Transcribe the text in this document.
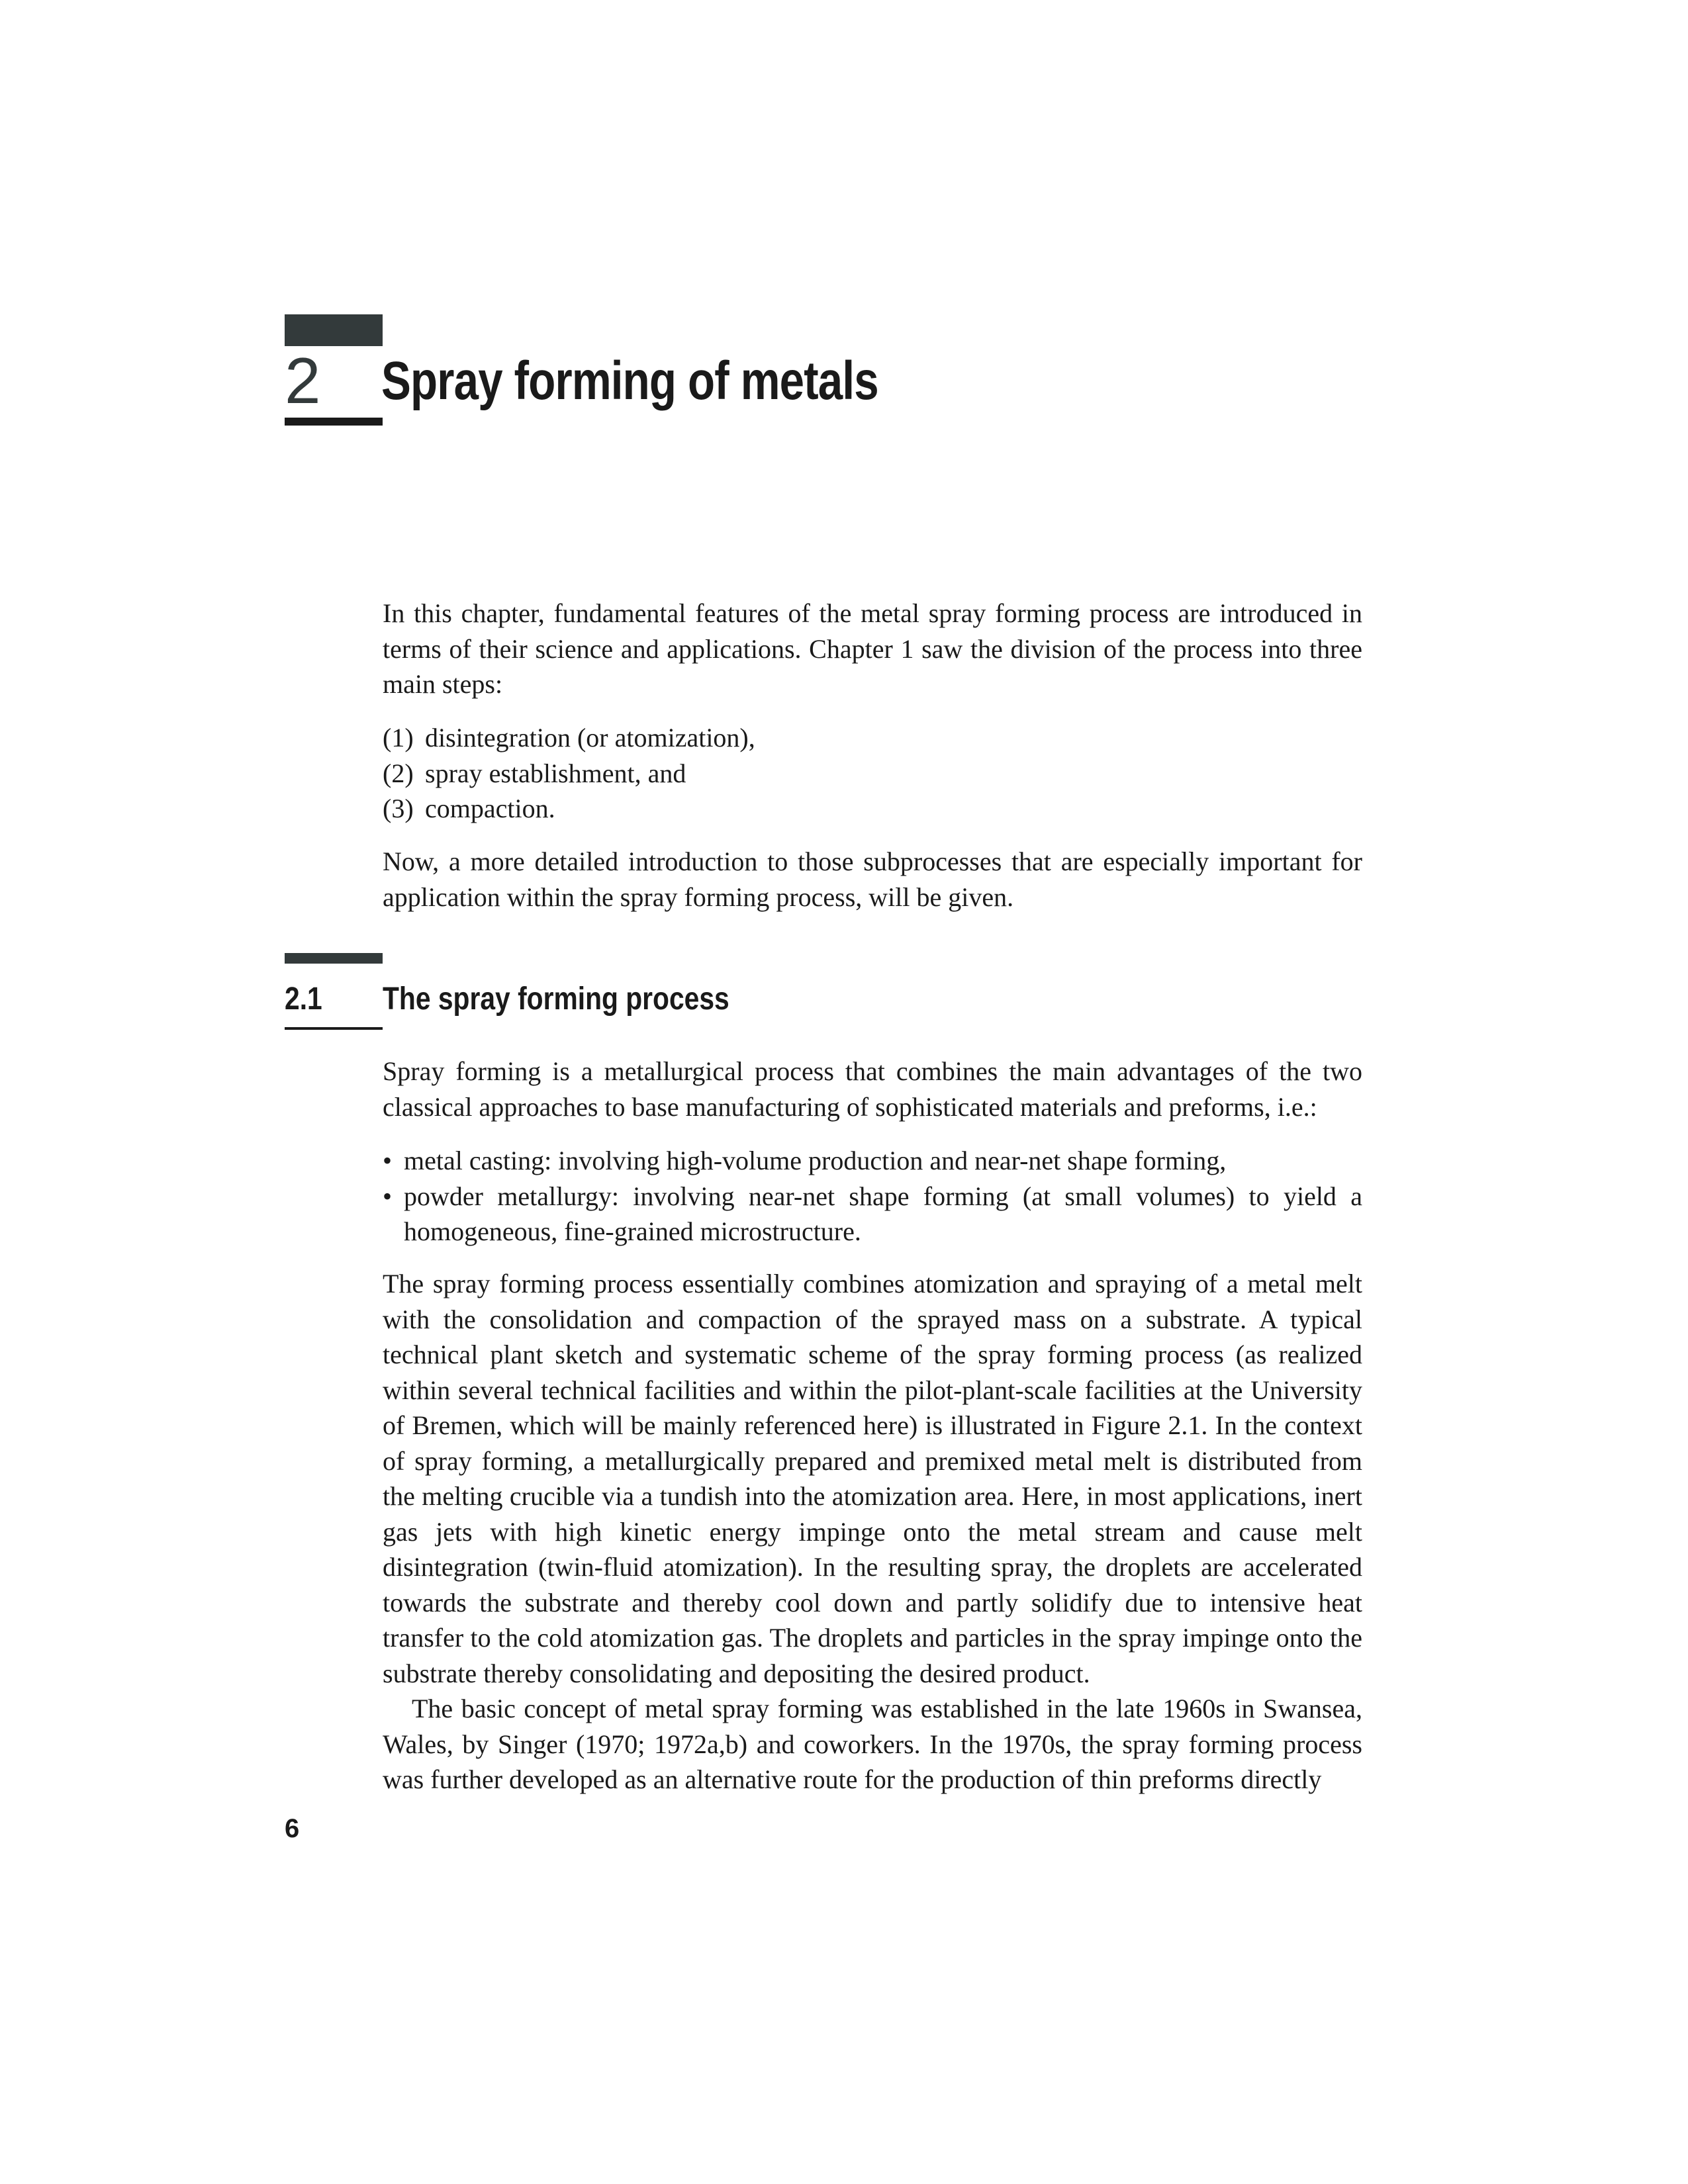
2 Spray forming of metals

In this chapter, fundamental features of the metal spray forming process are introduced in terms of their science and applications. Chapter 1 saw the division of the process into three main steps:

(1) disintegration (or atomization),
(2) spray establishment, and
(3) compaction.

Now, a more detailed introduction to those subprocesses that are especially important for application within the spray forming process, will be given.

2.1 The spray forming process

Spray forming is a metallurgical process that combines the main advantages of the two classical approaches to base manufacturing of sophisticated materials and preforms, i.e.:

• metal casting: involving high-volume production and near-net shape forming,
• powder metallurgy: involving near-net shape forming (at small volumes) to yield a homogeneous, fine-grained microstructure.

The spray forming process essentially combines atomization and spraying of a metal melt with the consolidation and compaction of the sprayed mass on a substrate. A typical technical plant sketch and systematic scheme of the spray forming process (as realized within several technical facilities and within the pilot-plant-scale facilities at the University of Bremen, which will be mainly referenced here) is illustrated in Figure 2.1. In the context of spray forming, a metallurgically prepared and premixed metal melt is distributed from the melting crucible via a tundish into the atomization area. Here, in most applications, inert gas jets with high kinetic energy impinge onto the metal stream and cause melt disintegration (twin-fluid atomization). In the resulting spray, the droplets are accelerated towards the substrate and thereby cool down and partly solidify due to intensive heat transfer to the cold atomization gas. The droplets and particles in the spray impinge onto the substrate thereby consolidating and depositing the desired product.

The basic concept of metal spray forming was established in the late 1960s in Swansea, Wales, by Singer (1970; 1972a,b) and coworkers. In the 1970s, the spray forming process was further developed as an alternative route for the production of thin preforms directly

6
